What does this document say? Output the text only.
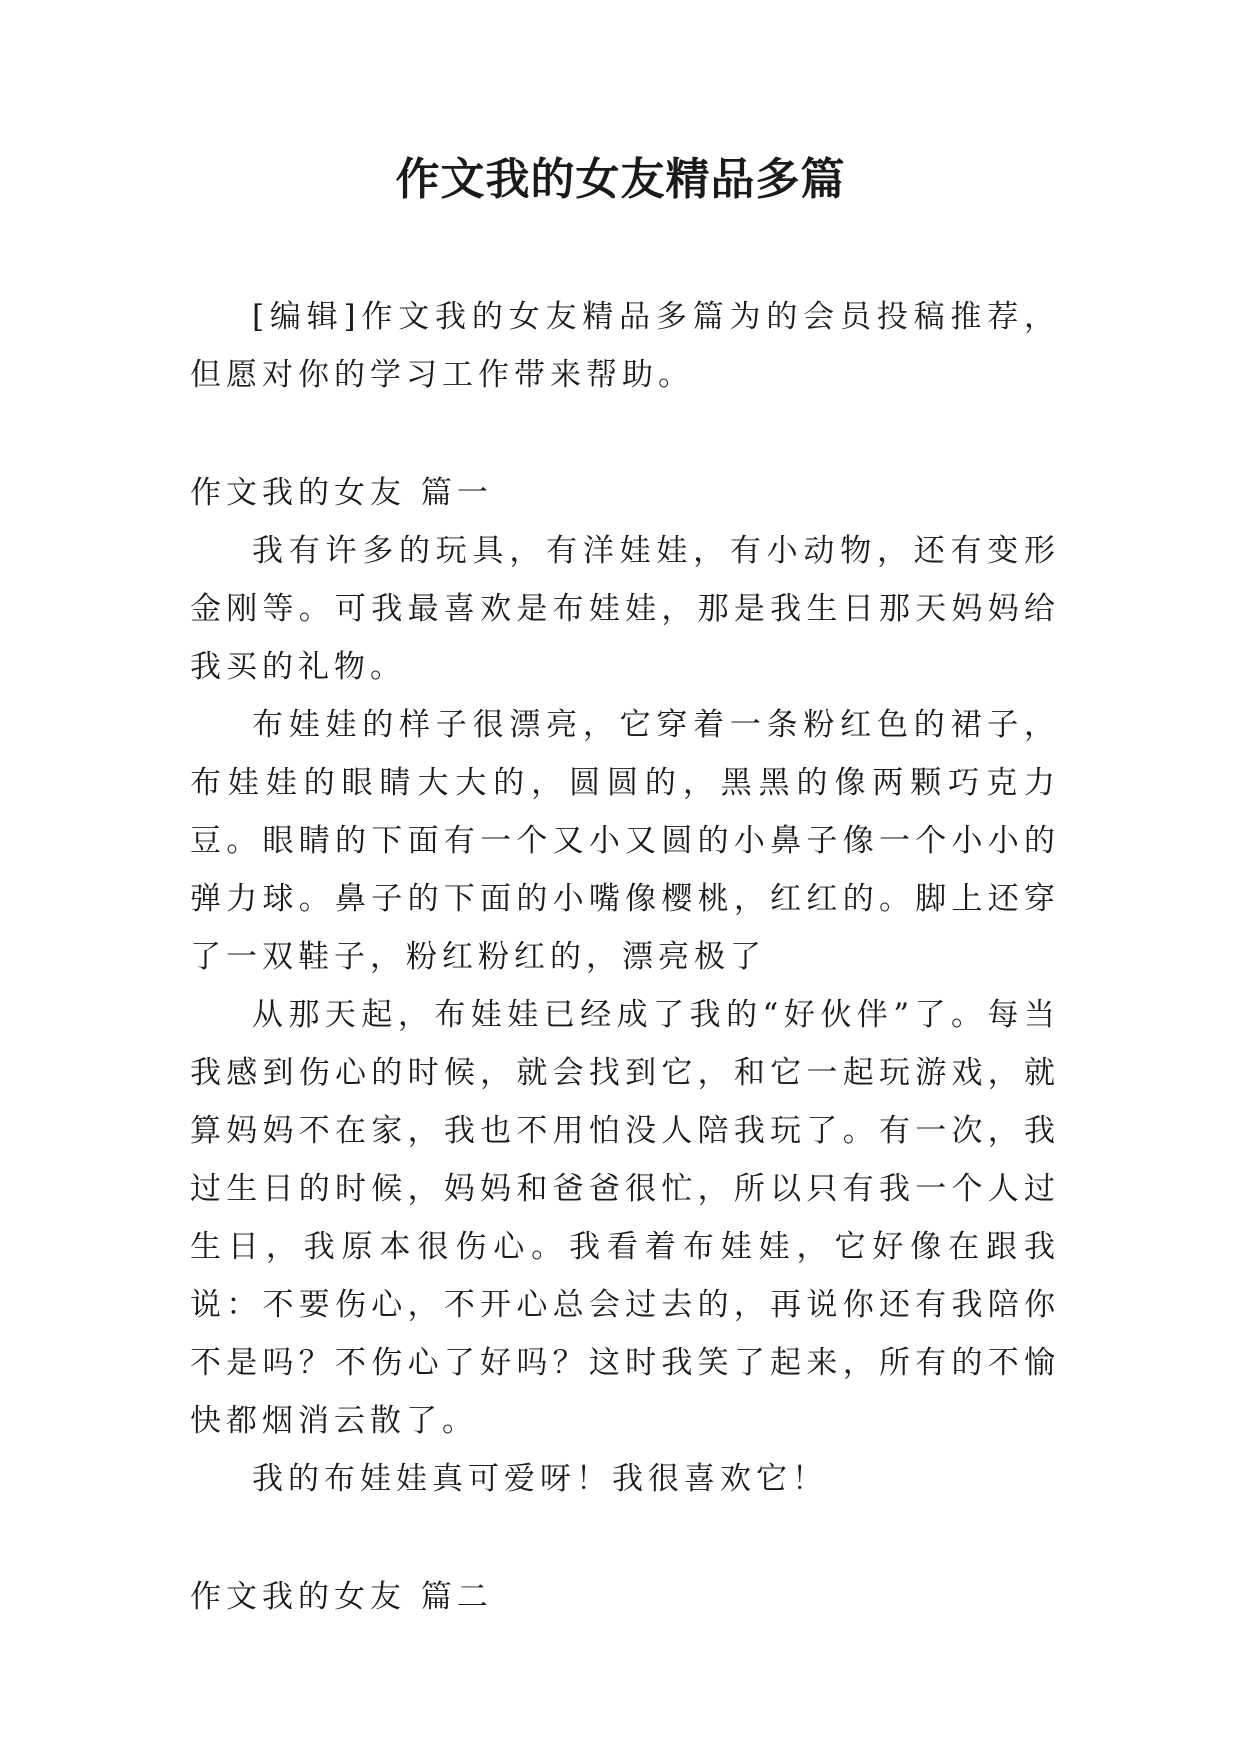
作文我的女友精品多篇

[编辑]作文我的女友精品多篇为的会员投稿推荐，但愿对你的学习工作带来帮助。

作文我的女友 篇一

我有许多的玩具，有洋娃娃，有小动物，还有变形金刚等。可我最喜欢是布娃娃，那是我生日那天妈妈给我买的礼物。

布娃娃的样子很漂亮，它穿着一条粉红色的裙子，布娃娃的眼睛大大的，圆圆的，黑黑的像两颗巧克力豆。眼睛的下面有一个又小又圆的小鼻子像一个小小的弹力球。鼻子的下面的小嘴像樱桃，红红的。脚上还穿了一双鞋子，粉红粉红的，漂亮极了

从那天起，布娃娃已经成了我的“好伙伴”了。每当我感到伤心的时候，就会找到它，和它一起玩游戏，就算妈妈不在家，我也不用怕没人陪我玩了。有一次，我过生日的时候，妈妈和爸爸很忙，所以只有我一个人过生日，我原本很伤心。我看着布娃娃，它好像在跟我说：不要伤心，不开心总会过去的，再说你还有我陪你不是吗？不伤心了好吗？这时我笑了起来，所有的不愉快都烟消云散了。

我的布娃娃真可爱呀！我很喜欢它！

作文我的女友 篇二
